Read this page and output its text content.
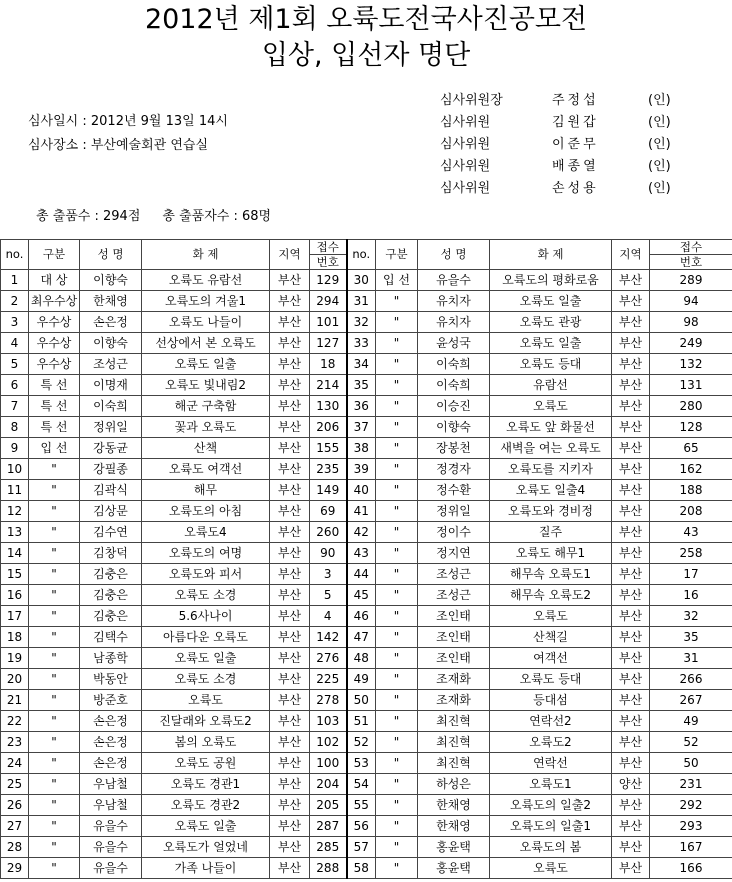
2012년 제1회 오륙도전국사진공모전
입상, 입선자 명단
심사위원장	주정섭	(인)
심사위원	김원갑	(인)
심사위원	이준무	(인)
심사위원	배종열	(인)
심사위원	손성용	(인)
심사일시 : 2012년 9월 13일 14시
심사장소 : 부산예술회관 연습실
총 출품수 : 294점 총 출품자수 : 68명
no.	구분	성 명	화 제	지역	접수	no.	구분	성 명	화 제	지역	접수
					번호						번호
1	대 상	이향숙	오륙도 유람선	부산	129	30	입 선	유을수	오륙도의 평화로움	부산	289
2	최우수상	한채영	오륙도의 겨울1	부산	294	31	"	유치자	오륙도 일출	부산	94
3	우수상	손은정	오륙도 나들이	부산	101	32	"	유치자	오륙도 관광	부산	98
4	우수상	이향숙	선상에서 본 오륙도	부산	127	33	"	윤성국	오륙도 일출	부산	249
5	우수상	조성근	오륙도 일출	부산	18	34	"	이숙희	오륙도 등대	부산	132
6	특 선	이명재	오륙도 빛내림2	부산	214	35	"	이숙희	유람선	부산	131
7	특 선	이숙희	해군 구축함	부산	130	36	"	이승진	오륙도	부산	280
8	특 선	정위일	꽃과 오륙도	부산	206	37	"	이향숙	오륙도 앞 화물선	부산	128
9	입 선	강동균	산책	부산	155	38	"	장봉천	새벽을 여는 오륙도	부산	65
10	"	강필종	오륙도 여객선	부산	235	39	"	정경자	오륙도를 지키자	부산	162
11	"	김곽식	해무	부산	149	40	"	정수환	오륙도 일출4	부산	188
12	"	김상문	오륙도의 아침	부산	69	41	"	정위일	오륙도와 경비정	부산	208
13	"	김수연	오륙도4	부산	260	42	"	정이수	질주	부산	43
14	"	김창덕	오륙도의 여명	부산	90	43	"	정지연	오륙도 해무1	부산	258
15	"	김충은	오륙도와 피서	부산	3	44	"	조성근	해무속 오륙도1	부산	17
16	"	김충은	오륙도 소경	부산	5	45	"	조성근	해무속 오륙도2	부산	16
17	"	김충은	5.6사나이	부산	4	46	"	조인태	오륙도	부산	32
18	"	김택수	아름다운 오륙도	부산	142	47	"	조인태	산책길	부산	35
19	"	남종학	오륙도 일출	부산	276	48	"	조인태	여객선	부산	31
20	"	박동안	오륙도 소경	부산	225	49	"	조재화	오륙도 등대	부산	266
21	"	방준호	오륙도	부산	278	50	"	조재화	등대섬	부산	267
22	"	손은정	진달래와 오륙도2	부산	103	51	"	최진혁	연락선2	부산	49
23	"	손은정	봄의 오륙도	부산	102	52	"	최진혁	오륙도2	부산	52
24	"	손은정	오륙도 공원	부산	100	53	"	최진혁	연락선	부산	50
25	"	우남철	오륙도 경관1	부산	204	54	"	하성은	오륙도1	양산	231
26	"	우남철	오륙도 경관2	부산	205	55	"	한채영	오륙도의 일출2	부산	292
27	"	유을수	오륙도 일출	부산	287	56	"	한채영	오륙도의 일출1	부산	293
28	"	유을수	오륙도가 얼었네	부산	285	57	"	홍윤택	오륙도의 봄	부산	167
29	"	유을수	가족 나들이	부산	288	58	"	홍윤택	오륙도	부산	166
